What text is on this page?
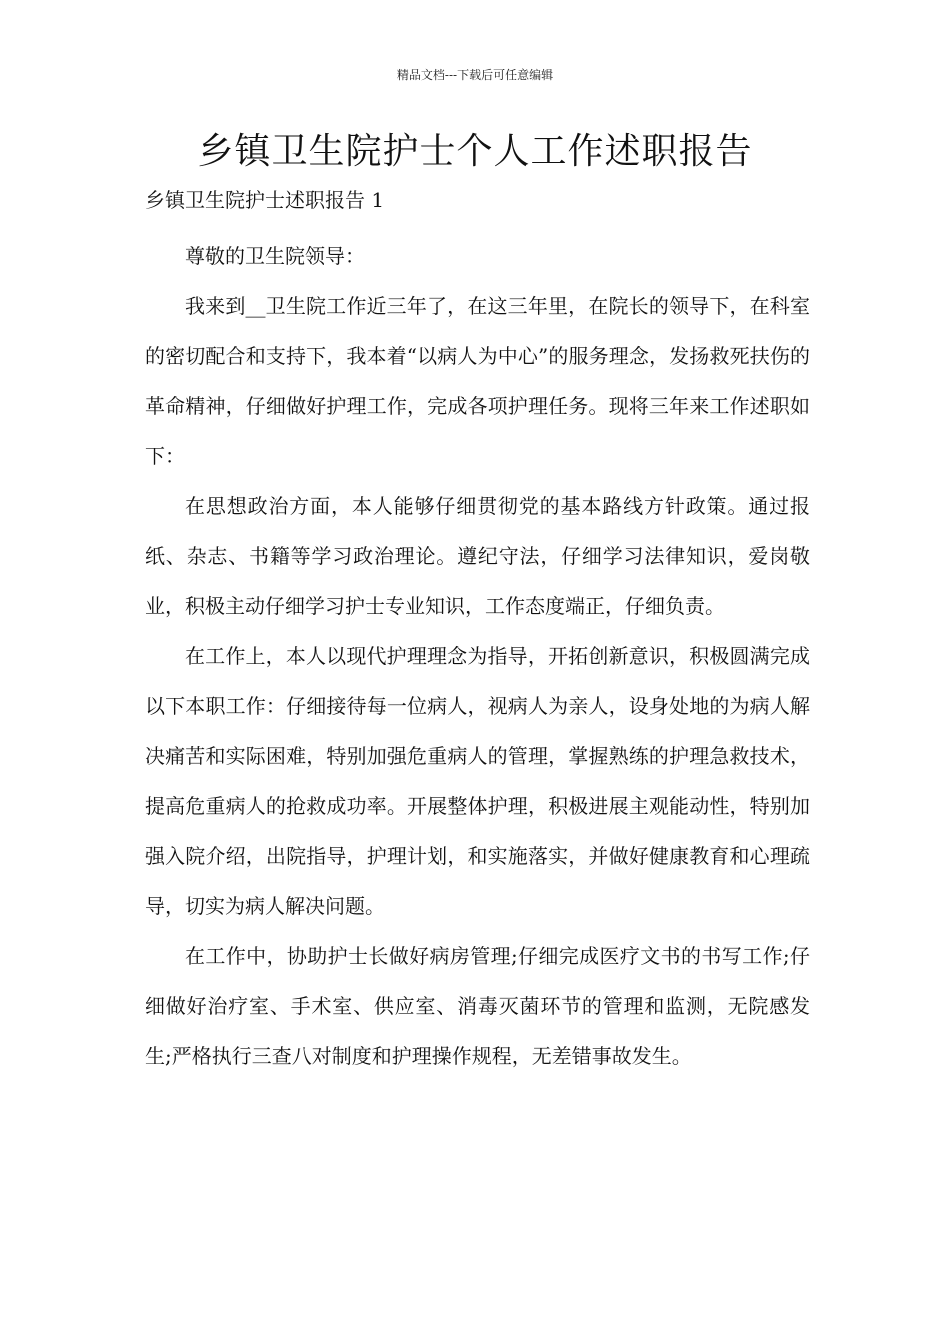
精品文档---下载后可任意编辑
乡镇卫生院护士个人工作述职报告

乡镇卫生院护士述职报告 1

尊敬的卫生院领导：

我来到__卫生院工作近三年了，在这三年里，在院长的领导下，在科室的密切配合和支持下，我本着“以病人为中心”的服务理念，发扬救死扶伤的革命精神，仔细做好护理工作，完成各项护理任务。现将三年来工作述职如下：

在思想政治方面，本人能够仔细贯彻党的基本路线方针政策。通过报纸、杂志、书籍等学习政治理论。遵纪守法，仔细学习法律知识，爱岗敬业，积极主动仔细学习护士专业知识，工作态度端正，仔细负责。

在工作上，本人以现代护理理念为指导，开拓创新意识，积极圆满完成以下本职工作：仔细接待每一位病人，视病人为亲人，设身处地的为病人解决痛苦和实际困难，特别加强危重病人的管理，掌握熟练的护理急救技术，提高危重病人的抢救成功率。开展整体护理，积极进展主观能动性，特别加强入院介绍，出院指导，护理计划，和实施落实，并做好健康教育和心理疏导，切实为病人解决问题。

在工作中，协助护士长做好病房管理;仔细完成医疗文书的书写工作;仔细做好治疗室、手术室、供应室、消毒灭菌环节的管理和监测，无院感发生;严格执行三查八对制度和护理操作规程，无差错事故发生。
